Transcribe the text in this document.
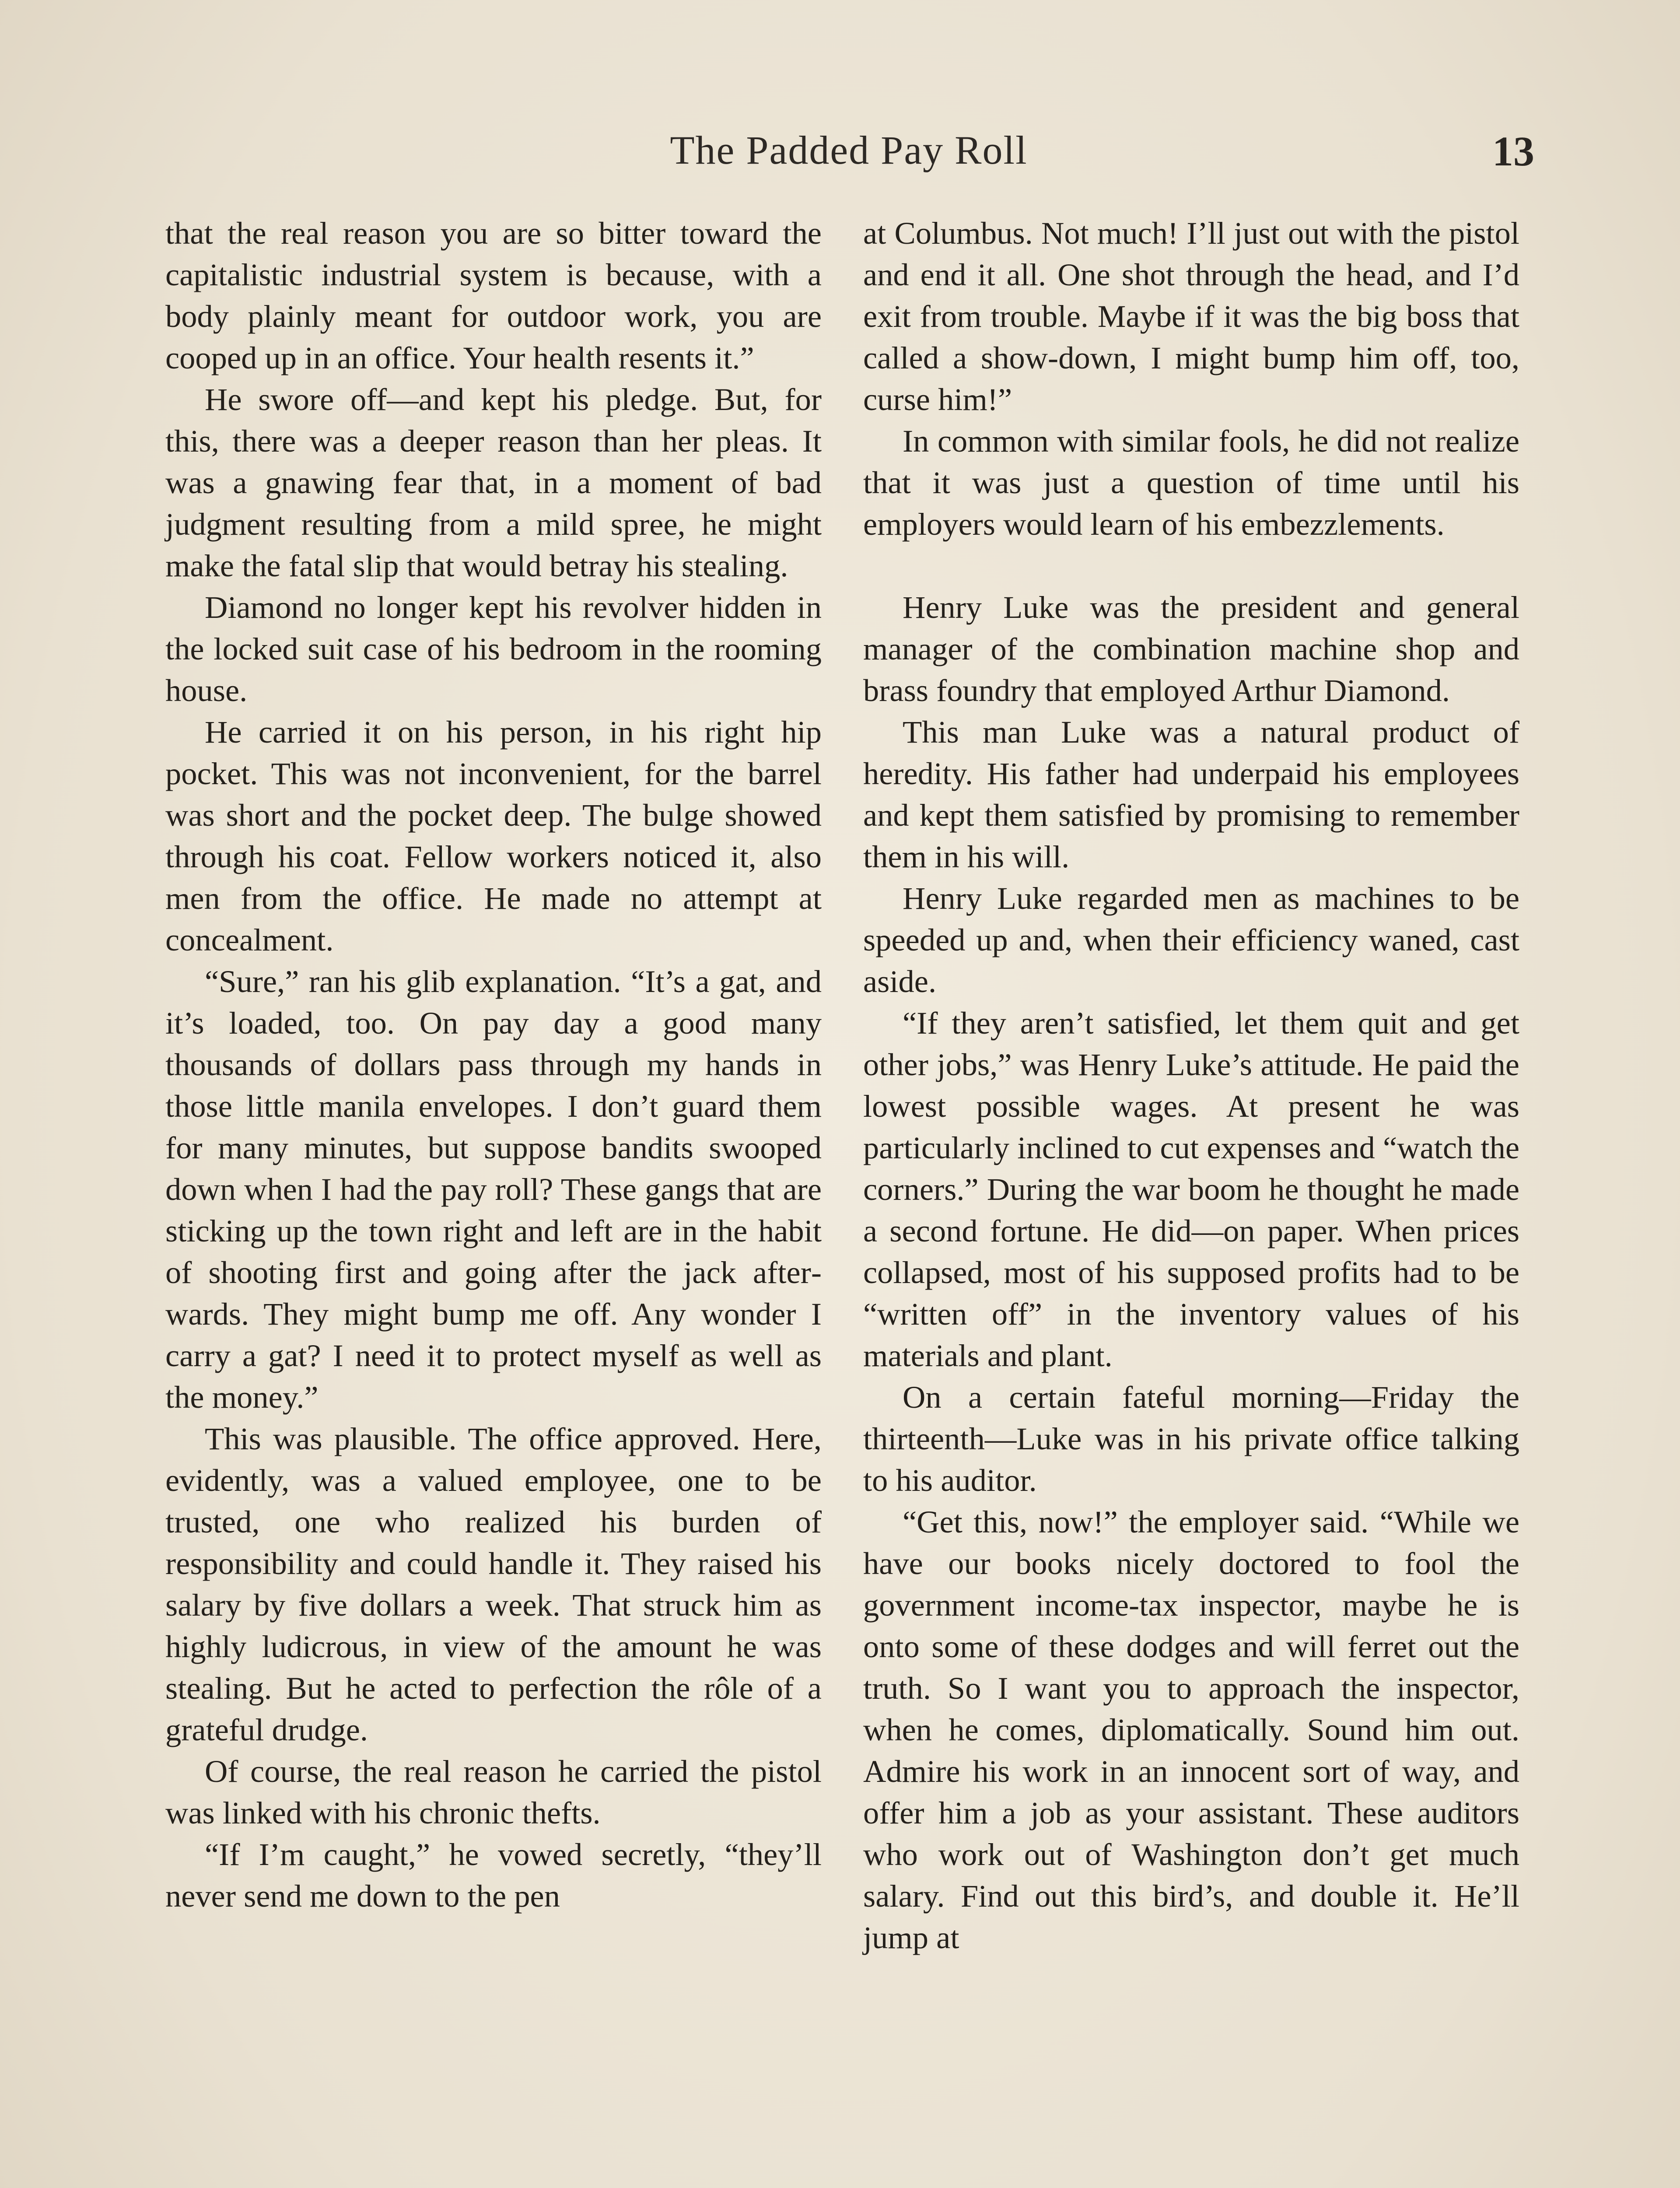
The Padded Pay Roll	13

that the real reason you are so bitter toward the capitalistic industrial system is because, with a body plainly meant for outdoor work, you are cooped up in an office. Your health resents it.”

He swore off—and kept his pledge. But, for this, there was a deeper reason than her pleas. It was a gnawing fear that, in a moment of bad judgment resulting from a mild spree, he might make the fatal slip that would betray his stealing.

Diamond no longer kept his revolver hidden in the locked suit case of his bedroom in the rooming house.

He carried it on his person, in his right hip pocket. This was not inconvenient, for the barrel was short and the pocket deep. The bulge showed through his coat. Fellow workers noticed it, also men from the office. He made no attempt at concealment.

“Sure,” ran his glib explanation. “It’s a gat, and it’s loaded, too. On pay day a good many thousands of dollars pass through my hands in those little manila envelopes. I don’t guard them for many minutes, but suppose bandits swooped down when I had the pay roll? These gangs that are sticking up the town right and left are in the habit of shooting first and going after the jack afterwards. They might bump me off. Any wonder I carry a gat? I need it to protect myself as well as the money.”

This was plausible. The office approved. Here, evidently, was a valued employee, one to be trusted, one who realized his burden of responsibility and could handle it. They raised his salary by five dollars a week. That struck him as highly ludicrous, in view of the amount he was stealing. But he acted to perfection the rôle of a grateful drudge.

Of course, the real reason he carried the pistol was linked with his chronic thefts.

“If I’m caught,” he vowed secretly, “they’ll never send me down to the pen

at Columbus. Not much! I’ll just out with the pistol and end it all. One shot through the head, and I’d exit from trouble. Maybe if it was the big boss that called a show-down, I might bump him off, too, curse him!”

In common with similar fools, he did not realize that it was just a question of time until his employers would learn of his embezzlements.

Henry Luke was the president and general manager of the combination machine shop and brass foundry that employed Arthur Diamond.

This man Luke was a natural product of heredity. His father had underpaid his employees and kept them satisfied by promising to remember them in his will.

Henry Luke regarded men as machines to be speeded up and, when their efficiency waned, cast aside.

“If they aren’t satisfied, let them quit and get other jobs,” was Henry Luke’s attitude. He paid the lowest possible wages. At present he was particularly inclined to cut expenses and “watch the corners.” During the war boom he thought he made a second fortune. He did—on paper. When prices collapsed, most of his supposed profits had to be “written off” in the inventory values of his materials and plant.

On a certain fateful morning—Friday the thirteenth—Luke was in his private office talking to his auditor.

“Get this, now!” the employer said. “While we have our books nicely doctored to fool the government income-tax inspector, maybe he is onto some of these dodges and will ferret out the truth. So I want you to approach the inspector, when he comes, diplomatically. Sound him out. Admire his work in an innocent sort of way, and offer him a job as your assistant. These auditors who work out of Washington don’t get much salary. Find out this bird’s, and double it. He’ll jump at
